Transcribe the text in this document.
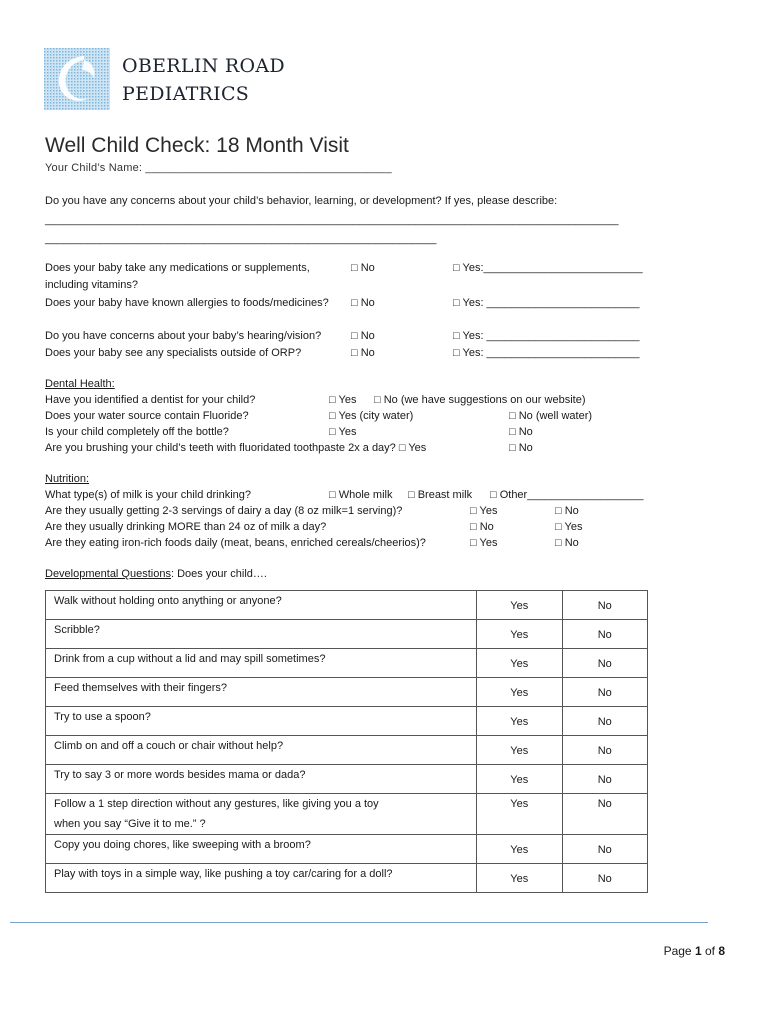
OBERLIN ROAD
PEDIATRICS
Well Child Check: 18 Month Visit
Your Child’s Name: _______________________________________
Do you have any concerns about your child’s behavior, learning, or development? If yes, please describe:
_____________________________________________________________________________________________
________________________________________________________________
Does your baby take any medications or supplements,
including vitamins?
□ No	□ Yes:__________________________
Does your baby have known allergies to foods/medicines? □ No	□ Yes: _________________________
Do you have concerns about your baby’s hearing/vision?	□ No	□ Yes: _________________________
Does your baby see any specialists outside of ORP?	□ No	□ Yes: _________________________
Dental Health:
Have you identified a dentist for your child?	□ Yes □ No (we have suggestions on our website)
Does your water source contain Fluoride?	□ Yes (city water)	□ No (well water)
Is your child completely off the bottle?	□ Yes	□ No
Are you brushing your child’s teeth with fluoridated toothpaste 2x a day? □ Yes	□ No
Nutrition:
What type(s) of milk is your child drinking?	□ Whole milk □ Breast milk □ Other___________________
Are they usually getting 2-3 servings of dairy a day (8 oz milk=1 serving)?	□ Yes	□ No
Are they usually drinking MORE than 24 oz of milk a day?	□ No	□ Yes
Are they eating iron-rich foods daily (meat, beans, enriched cereals/cheerios)?	□ Yes	□ No
Developmental Questions: Does your child….
Walk without holding onto anything or anyone?	Yes	No

Scribble?	Yes	No

Drink from a cup without a lid and may spill sometimes?	Yes	No

Feed themselves with their fingers?	Yes	No

Try to use a spoon?	Yes	No

Climb on and off a couch or chair without help?	Yes	No

Try to say 3 or more words besides mama or dada?	Yes	No

Follow a 1 step direction without any gestures, like giving you a toy
when you say “Give it to me.” ?	Yes	No

Copy you doing chores, like sweeping with a broom?	Yes	No

Play with toys in a simple way, like pushing a toy car/caring for a doll?	Yes	No
Page 1 of 8
